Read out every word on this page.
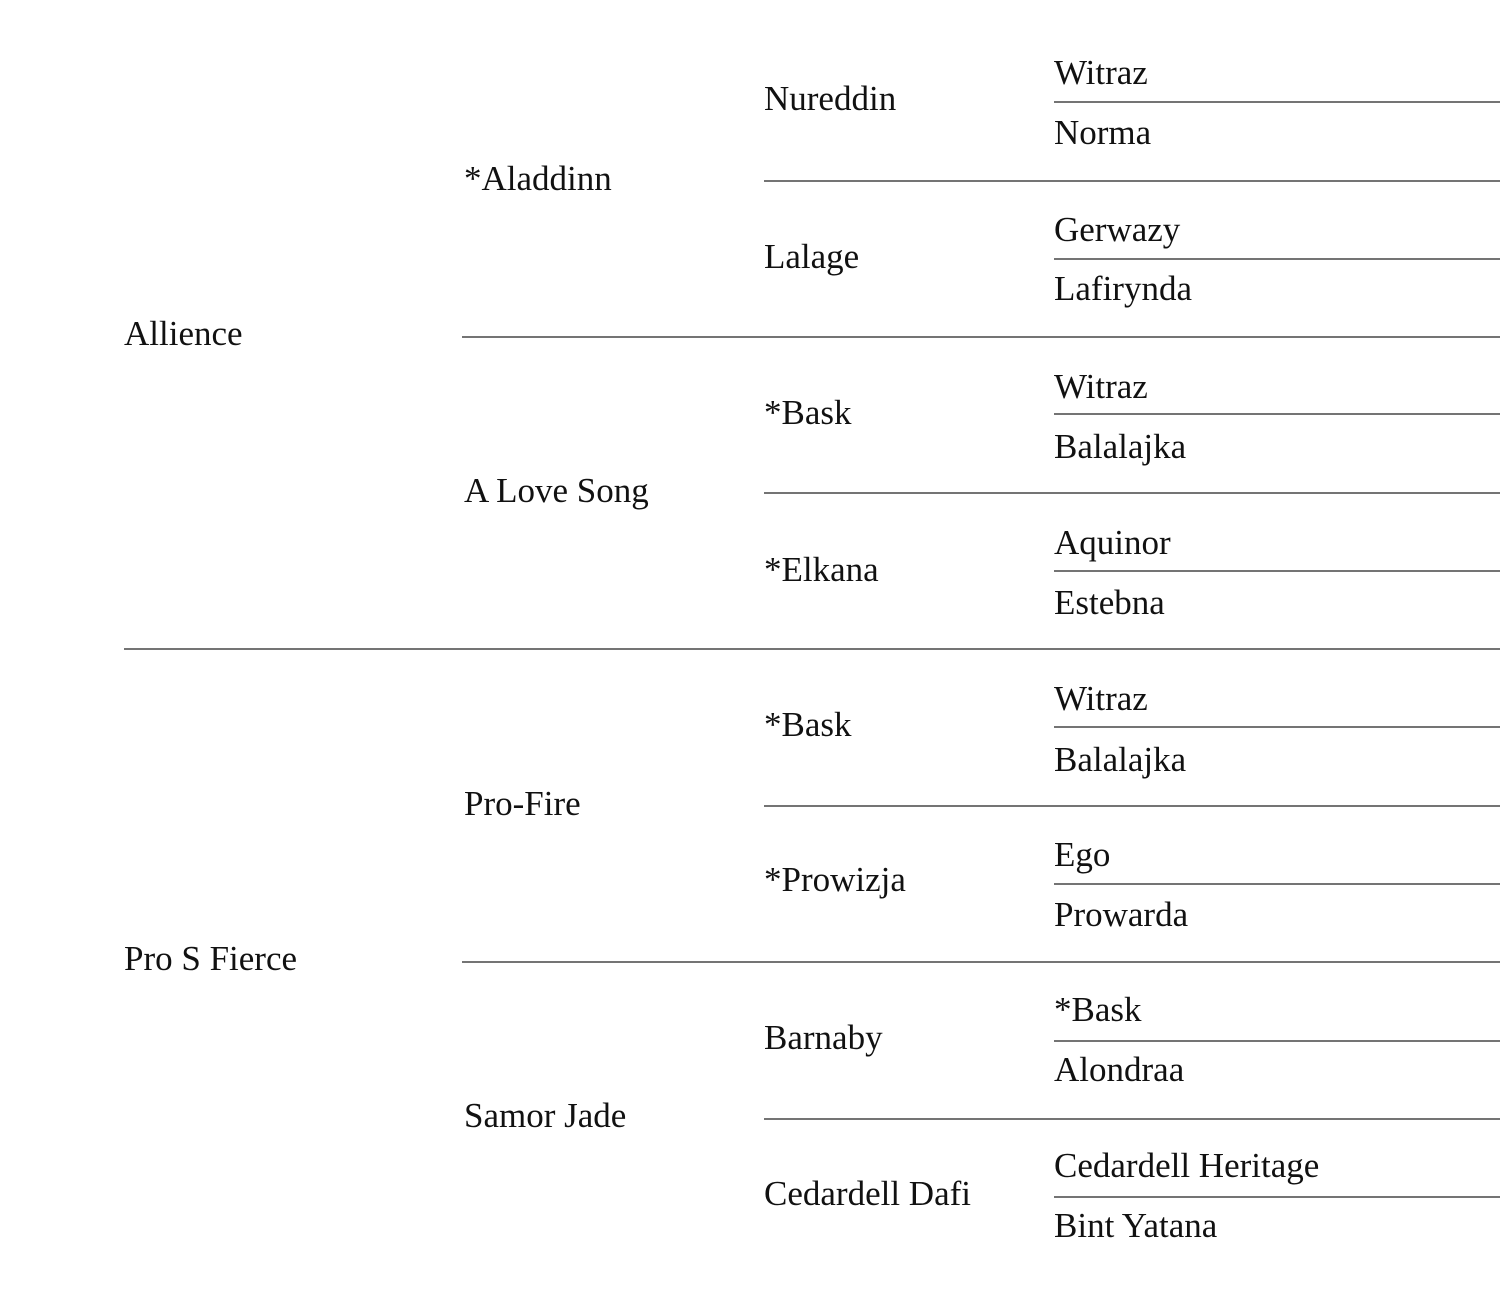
Allience
Pro S Fierce
*Aladdinn
A Love Song
Pro-Fire
Samor Jade
Nureddin
Lalage
*Bask
*Elkana
*Bask
*Prowizja
Barnaby
Cedardell Dafi
Witraz
Norma
Gerwazy
Lafirynda
Witraz
Balalajka
Aquinor
Estebna
Witraz
Balalajka
Ego
Prowarda
*Bask
Alondraa
Cedardell Heritage
Bint Yatana
